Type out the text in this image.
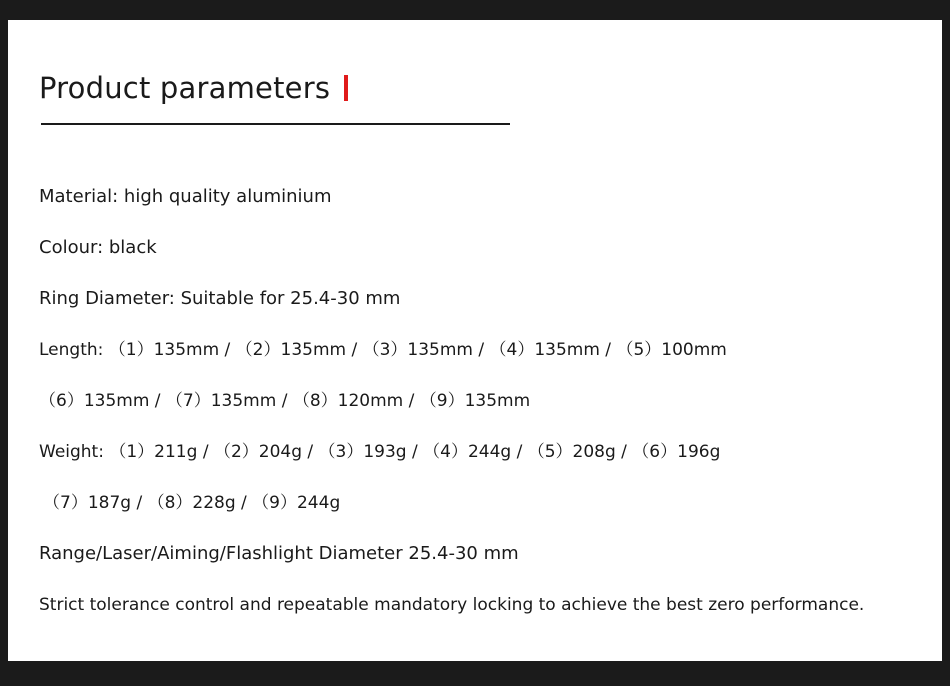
Product parameters
Material: high quality aluminium
Colour: black
Ring Diameter: Suitable for 25.4-30 mm
Length: （1）135mm / （2）135mm / （3）135mm / （4）135mm / （5）100mm
（6）135mm / （7）135mm / （8）120mm / （9）135mm
Weight: （1）211g / （2）204g / （3）193g / （4）244g / （5）208g / （6）196g
（7）187g / （8）228g / （9）244g
Range/Laser/Aiming/Flashlight Diameter 25.4-30 mm
Strict tolerance control and repeatable mandatory locking to achieve the best zero performance.
